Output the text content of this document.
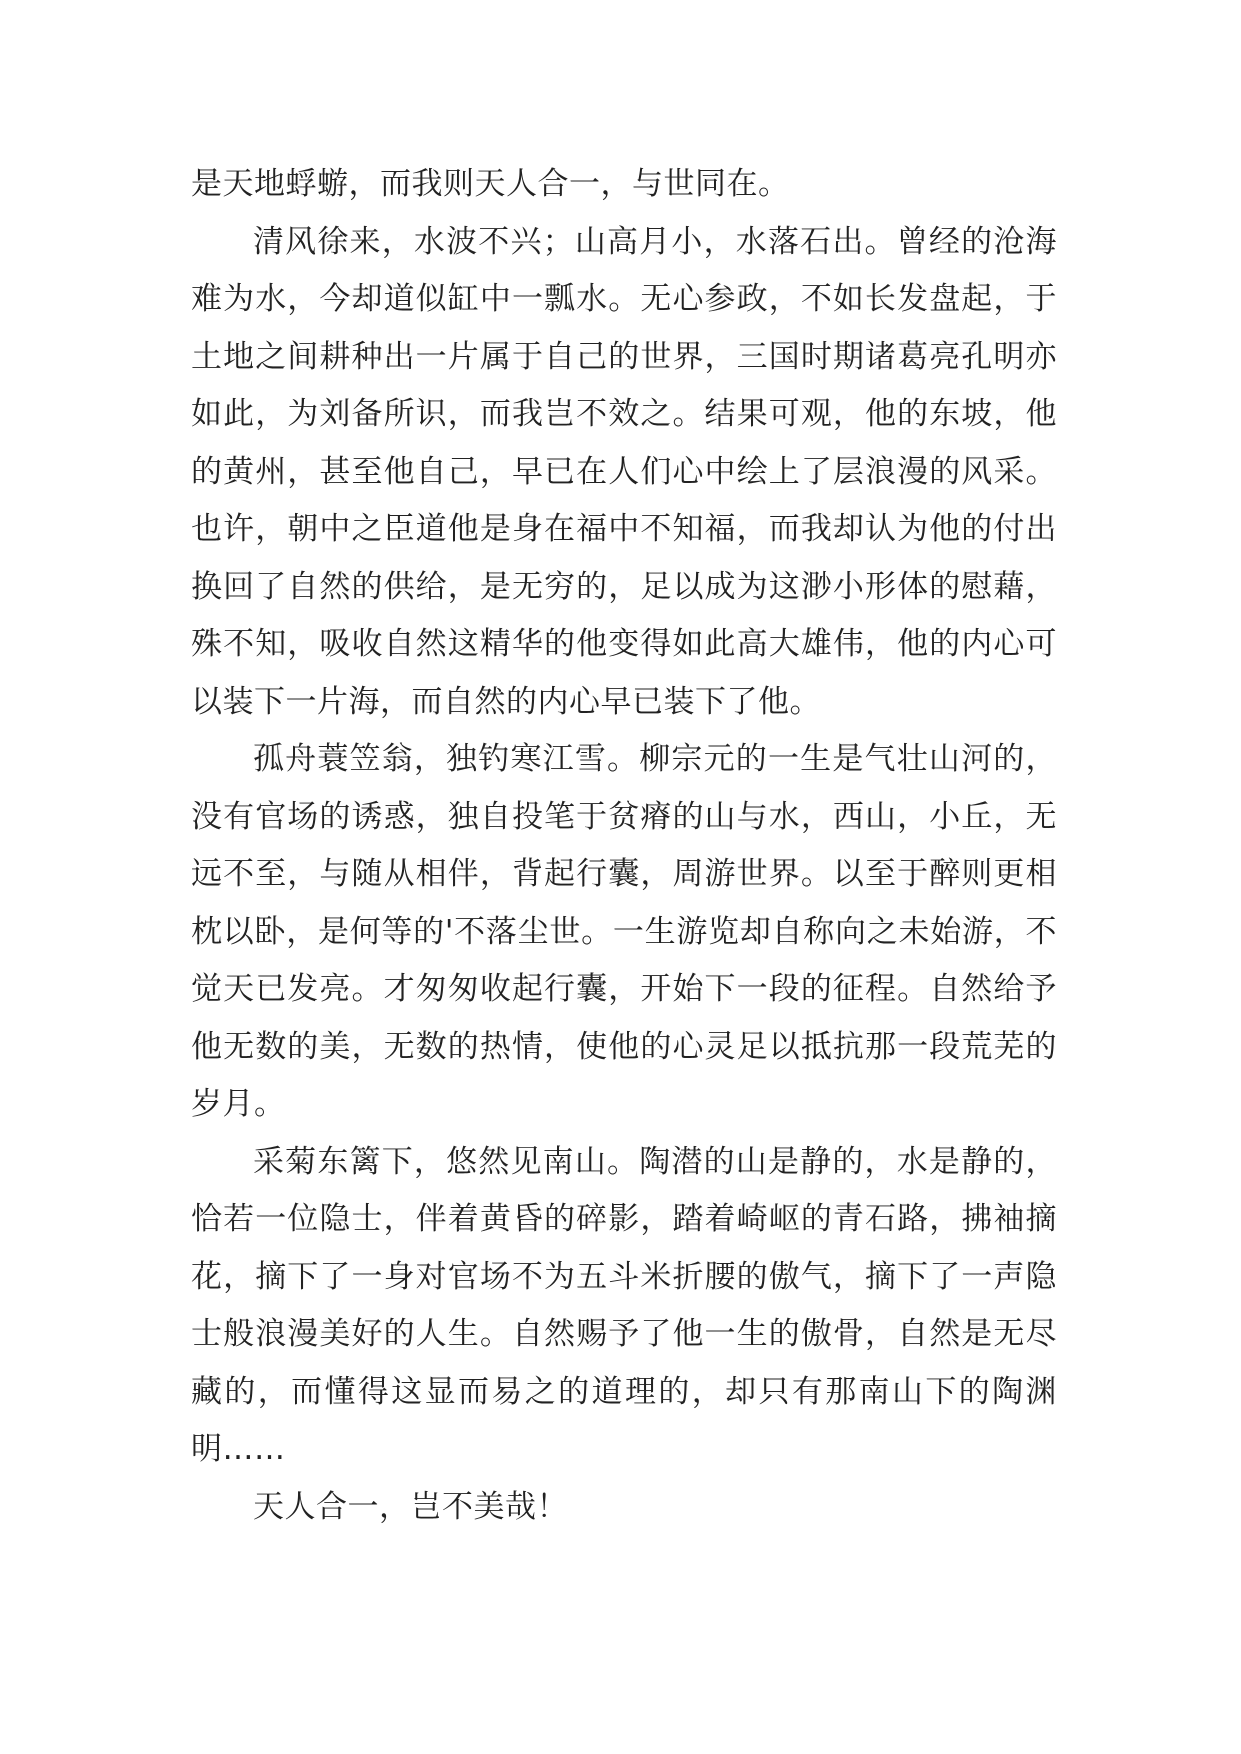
是天地蜉蝣，而我则天人合一，与世同在。

清风徐来，水波不兴；山高月小，水落石出。曾经的沧海难为水，今却道似缸中一瓢水。无心参政，不如长发盘起，于土地之间耕种出一片属于自己的世界，三国时期诸葛亮孔明亦如此，为刘备所识，而我岂不效之。结果可观，他的东坡，他的黄州，甚至他自己，早已在人们心中绘上了层浪漫的风采。也许，朝中之臣道他是身在福中不知福，而我却认为他的付出换回了自然的供给，是无穷的，足以成为这渺小形体的慰藉，殊不知，吸收自然这精华的他变得如此高大雄伟，他的内心可以装下一片海，而自然的内心早已装下了他。

孤舟蓑笠翁，独钓寒江雪。柳宗元的一生是气壮山河的，没有官场的诱惑，独自投笔于贫瘠的山与水，西山，小丘，无远不至，与随从相伴，背起行囊，周游世界。以至于醉则更相枕以卧，是何等的'不落尘世。一生游览却自称向之未始游，不觉天已发亮。才匆匆收起行囊，开始下一段的征程。自然给予他无数的美，无数的热情，使他的心灵足以抵抗那一段荒芜的岁月。

采菊东篱下，悠然见南山。陶潜的山是静的，水是静的，恰若一位隐士，伴着黄昏的碎影，踏着崎岖的青石路，拂袖摘花，摘下了一身对官场不为五斗米折腰的傲气，摘下了一声隐士般浪漫美好的人生。自然赐予了他一生的傲骨，自然是无尽藏的，而懂得这显而易之的道理的，却只有那南山下的陶渊明……

天人合一，岂不美哉！
